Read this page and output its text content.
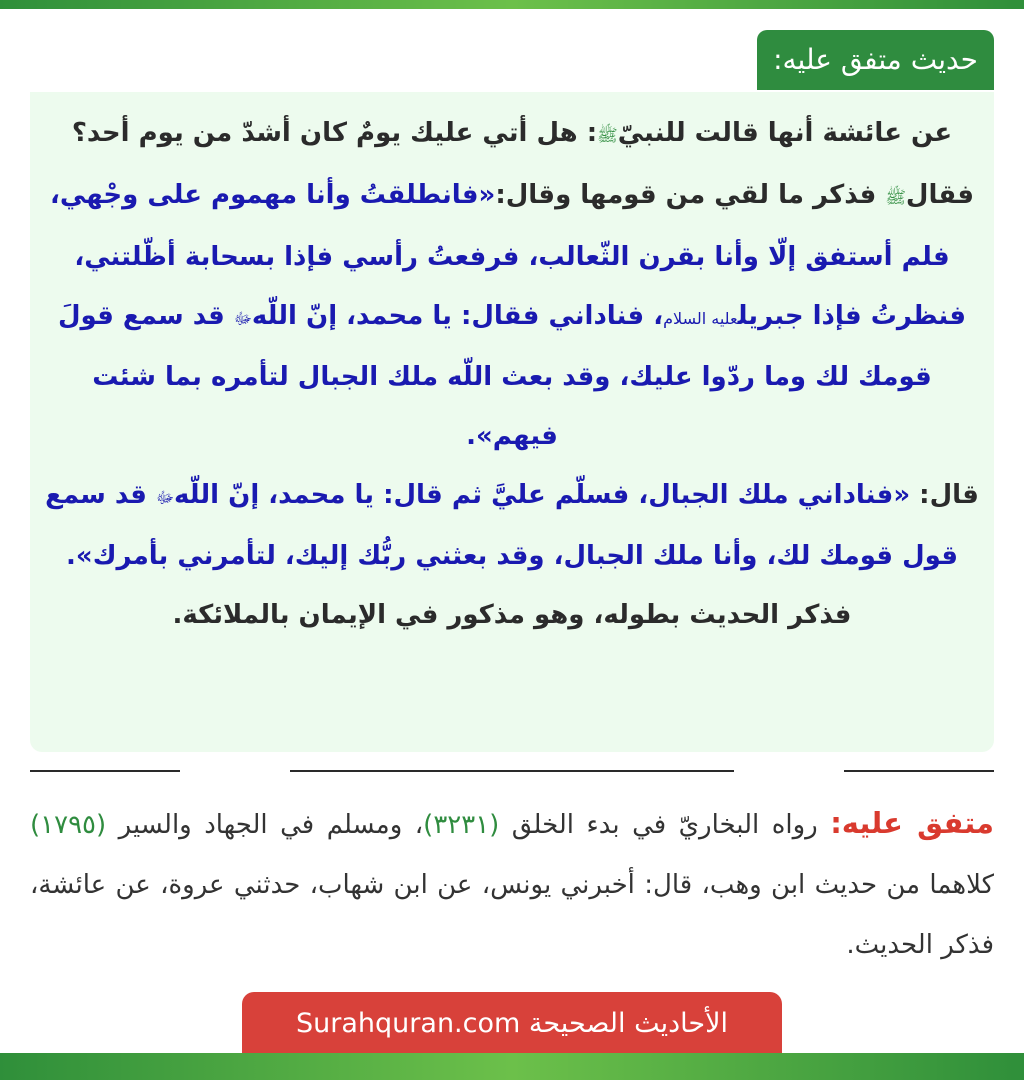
حديث متفق عليه:

عن عائشة أنها قالت للنبيّﷺ: هل أتي عليك يومٌ كان أشدّ من يوم أحد؟ فقالﷺ فذكر ما لقي من قومها وقال:«فانطلقتُ وأنا مهموم على وجْهي، فلم أستفق إلّا وأنا بقرن الثّعالب، فرفعتُ رأسي فإذا بسحابة أظّلتني، فنظرتُ فإذا جبريلعليه السلام، فناداني فقال: يا محمد، إنّ اللّهﷻ قد سمع قولَ قومك لك وما ردّوا عليك، وقد بعث اللّه ملك الجبال لتأمره بما شئت فيهم».
قال: «فناداني ملك الجبال، فسلّم عليَّ ثم قال: يا محمد، إنّ اللّهﷻ قد سمع قول قومك لك، وأنا ملك الجبال، وقد بعثني ربُّك إليك، لتأمرني بأمرك». فذكر الحديث بطوله، وهو مذكور في الإيمان بالملائكة.

متفق عليه: رواه البخاريّ في بدء الخلق (٣٢٣١)، ومسلم في الجهاد والسير (١٧٩٥) كلاهما من حديث ابن وهب، قال: أخبرني يونس، عن ابن شهاب، حدثني عروة، عن عائشة، فذكر الحديث.

الأحاديث الصحيحة Surahquran.com
